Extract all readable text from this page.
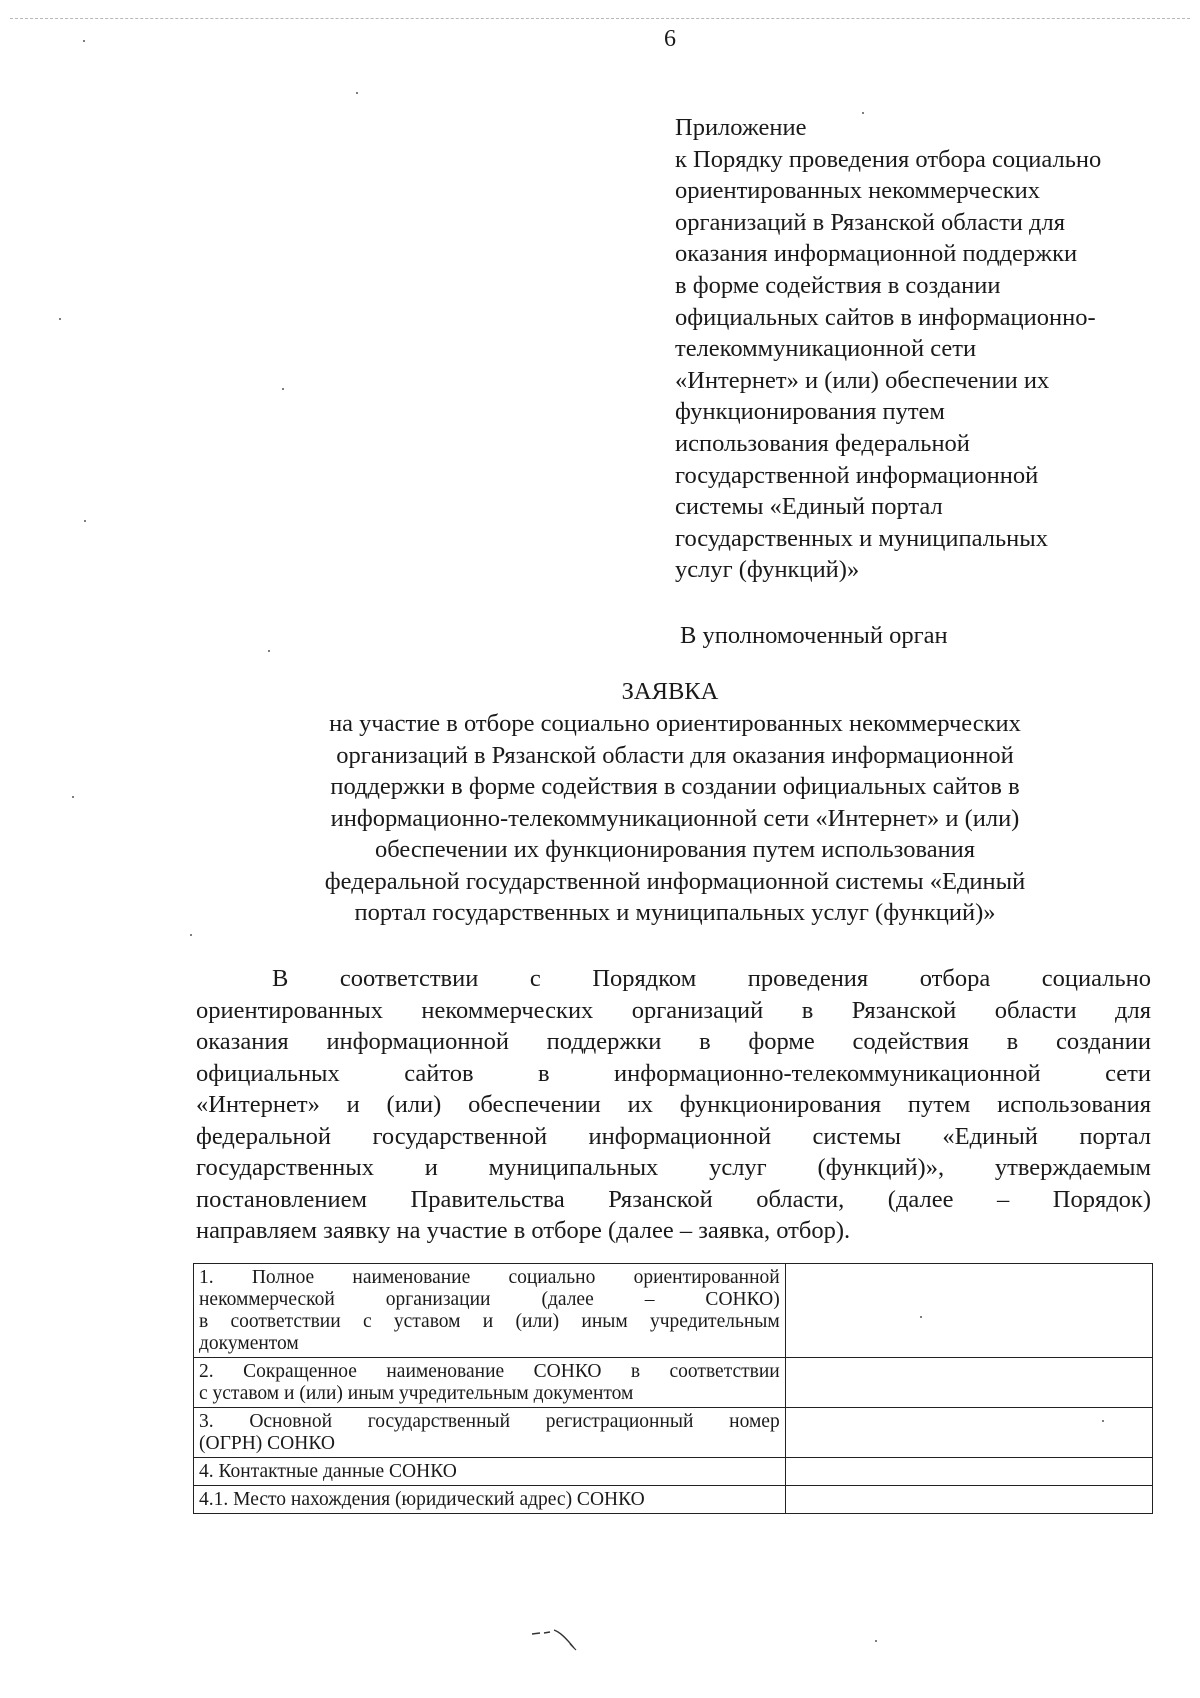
6
Приложение
к Порядку проведения отбора социально
ориентированных некоммерческих
организаций в Рязанской области для
оказания информационной поддержки
в форме содействия в создании
официальных сайтов в информационно-
телекоммуникационной сети
«Интернет» и (или) обеспечении их
функционирования путем
использования федеральной
государственной информационной
системы «Единый портал
государственных и муниципальных
услуг (функций)»
В уполномоченный орган
ЗАЯВКА
на участие в отборе социально ориентированных некоммерческих
организаций в Рязанской области для оказания информационной
поддержки в форме содействия в создании официальных сайтов в
информационно-телекоммуникационной сети «Интернет» и (или)
обеспечении их функционирования путем использования
федеральной государственной информационной системы «Единый
портал государственных и муниципальных услуг (функций)»
В соответствии с Порядком проведения отбора социально
ориентированных некоммерческих организаций в Рязанской области для
оказания информационной поддержки в форме содействия в создании
официальных сайтов в информационно-телекоммуникационной сети
«Интернет» и (или) обеспечении их функционирования путем использования
федеральной государственной информационной системы «Единый портал
государственных и муниципальных услуг (функций)», утверждаемым
постановлением Правительства Рязанской области, (далее – Порядок)
направляем заявку на участие в отборе (далее – заявка, отбор).
1. Полное наименование социально ориентированной
некоммерческой организации (далее – СОНКО)
в соответствии с уставом и (или) иным учредительным
документом	

2. Сокращенное наименование СОНКО в соответствии
с уставом и (или) иным учредительным документом	

3. Основной государственный регистрационный номер
(ОГРН) СОНКО	

4. Контактные данные СОНКО	

4.1. Место нахождения (юридический адрес) СОНКО	
